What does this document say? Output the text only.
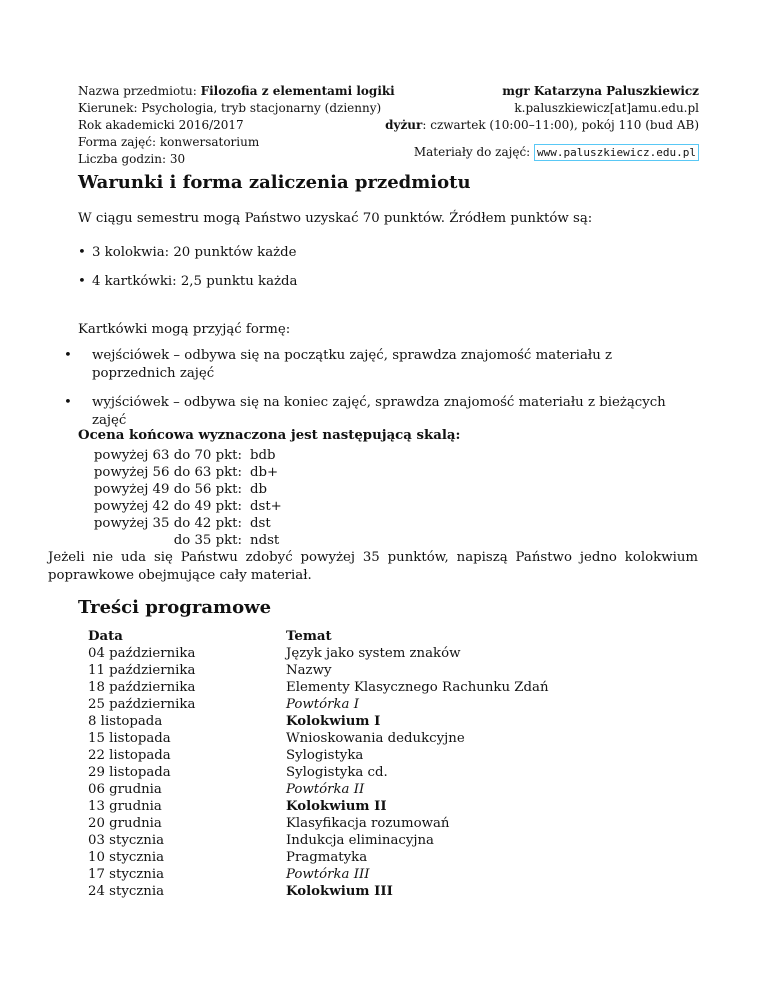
Nazwa przedmiotu: Filozofia z elementami logiki
Kierunek: Psychologia, tryb stacjonarny (dzienny)
Rok akademicki 2016/2017
Forma zajęć: konwersatorium
Liczba godzin: 30
mgr Katarzyna Paluszkiewicz
k.paluszkiewicz[at]amu.edu.pl
dyżur: czwartek (10:00–11:00), pokój 110 (bud AB)
Materiały do zajęć: www.paluszkiewicz.edu.pl
Warunki i forma zaliczenia przedmiotu
W ciągu semestru mogą Państwo uzyskać 70 punktów. Źródłem punktów są:
• 3 kolokwia: 20 punktów każde
• 4 kartkówki: 2,5 punktu każda
Kartkówki mogą przyjąć formę:
• wejściówek – odbywa się na początku zajęć, sprawdza znajomość materiału z poprzednich zajęć
• wyjściówek – odbywa się na koniec zajęć, sprawdza znajomość materiału z bieżących zajęć
Ocena końcowa wyznaczona jest następującą skalą:
powyżej 63 do 70 pkt: bdb
powyżej 56 do 63 pkt: db+
powyżej 49 do 56 pkt: db
powyżej 42 do 49 pkt: dst+
powyżej 35 do 42 pkt: dst
do 35 pkt: ndst
Jeżeli nie uda się Państwu zdobyć powyżej 35 punktów, napiszą Państwo jedno kolokwium poprawkowe obejmujące cały materiał.
Treści programowe
Data	Temat
04 października	Język jako system znaków
11 października	Nazwy
18 października	Elementy Klasycznego Rachunku Zdań
25 października	Powtórka I
8 listopada	Kolokwium I
15 listopada	Wnioskowania dedukcyjne
22 listopada	Sylogistyka
29 listopada	Sylogistyka cd.
06 grudnia	Powtórka II
13 grudnia	Kolokwium II
20 grudnia	Klasyfikacja rozumowań
03 stycznia	Indukcja eliminacyjna
10 stycznia	Pragmatyka
17 stycznia	Powtórka III
24 stycznia	Kolokwium III
